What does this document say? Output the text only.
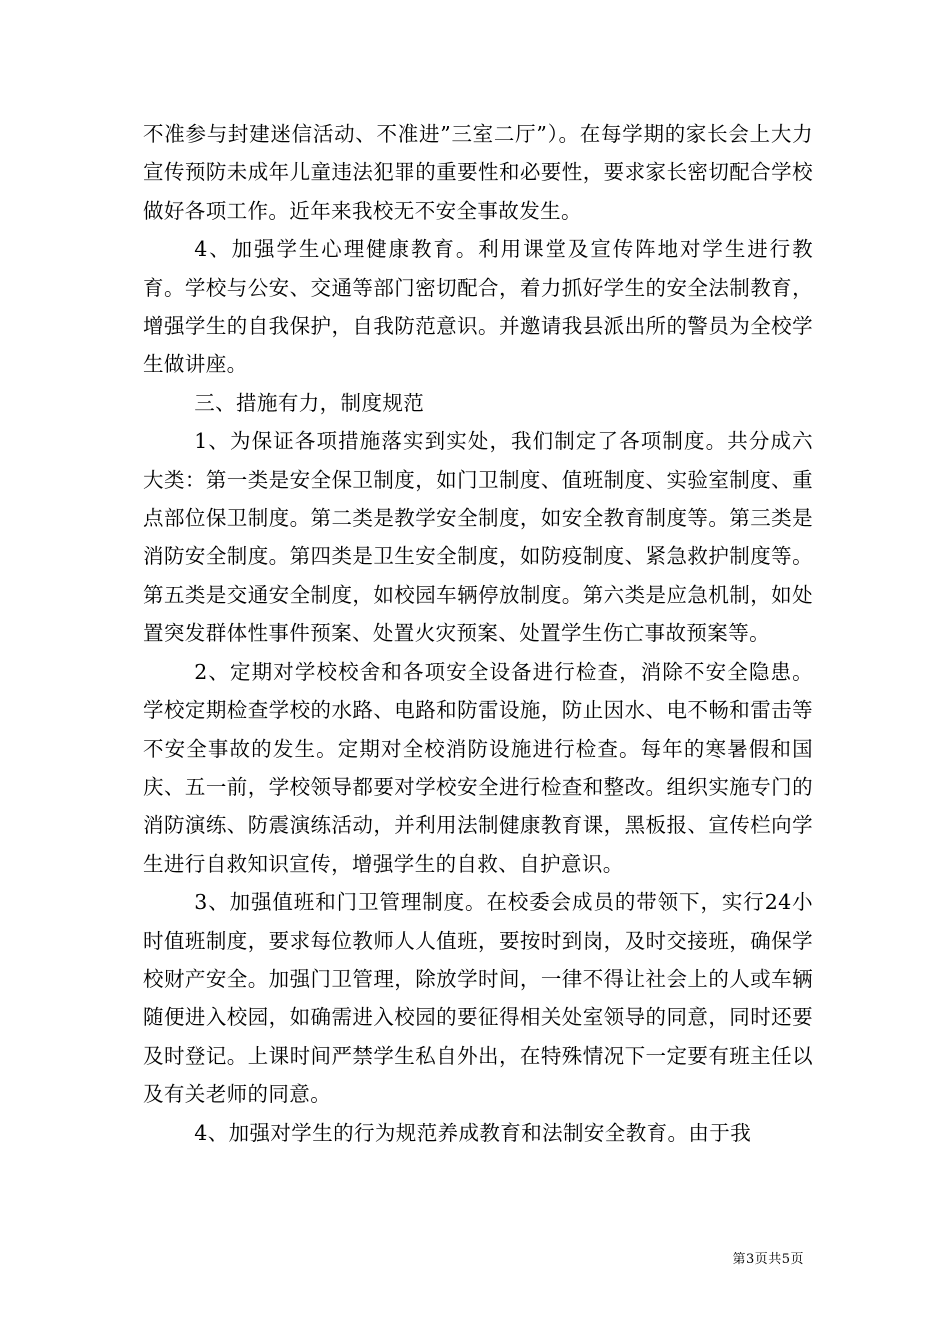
不准参与封建迷信活动、不准进”三室二厅”）。在每学期的家长会上大力宣传预防未成年儿童违法犯罪的重要性和必要性，要求家长密切配合学校做好各项工作。近年来我校无不安全事故发生。

4、加强学生心理健康教育。利用课堂及宣传阵地对学生进行教育。学校与公安、交通等部门密切配合，着力抓好学生的安全法制教育，增强学生的自我保护，自我防范意识。并邀请我县派出所的警员为全校学生做讲座。

三、措施有力，制度规范

1、为保证各项措施落实到实处，我们制定了各项制度。共分成六大类：第一类是安全保卫制度，如门卫制度、值班制度、实验室制度、重点部位保卫制度。第二类是教学安全制度，如安全教育制度等。第三类是消防安全制度。第四类是卫生安全制度，如防疫制度、紧急救护制度等。第五类是交通安全制度，如校园车辆停放制度。第六类是应急机制，如处置突发群体性事件预案、处置火灾预案、处置学生伤亡事故预案等。

2、定期对学校校舍和各项安全设备进行检查，消除不安全隐患。学校定期检查学校的水路、电路和防雷设施，防止因水、电不畅和雷击等不安全事故的发生。定期对全校消防设施进行检查。每年的寒暑假和国庆、五一前，学校领导都要对学校安全进行检查和整改。组织实施专门的消防演练、防震演练活动，并利用法制健康教育课，黑板报、宣传栏向学生进行自救知识宣传，增强学生的自救、自护意识。

3、加强值班和门卫管理制度。在校委会成员的带领下，实行24小时值班制度，要求每位教师人人值班，要按时到岗，及时交接班，确保学校财产安全。加强门卫管理，除放学时间，一律不得让社会上的人或车辆随便进入校园，如确需进入校园的要征得相关处室领导的同意，同时还要及时登记。上课时间严禁学生私自外出，在特殊情况下一定要有班主任以及有关老师的同意。

4、加强对学生的行为规范养成教育和法制安全教育。由于我

第3页共5页
